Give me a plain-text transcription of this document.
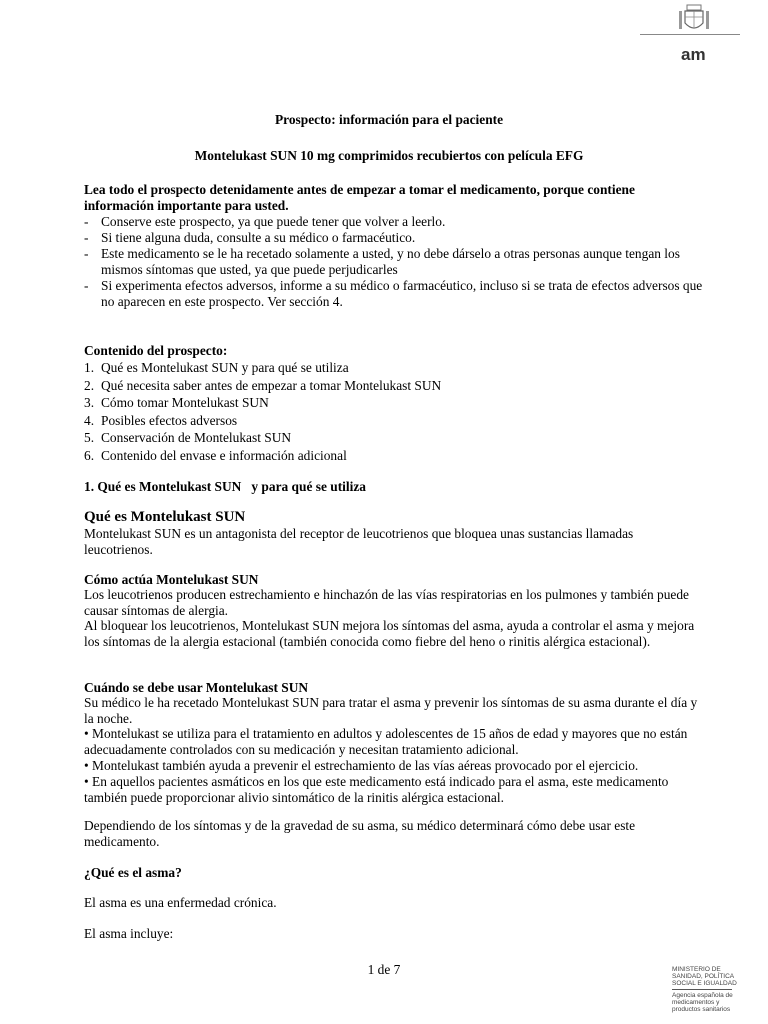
am
Prospecto: información para el paciente
Montelukast SUN 10 mg comprimidos recubiertos con película EFG
Lea todo el prospecto detenidamente antes de empezar a tomar el medicamento, porque contiene información importante para usted.
- Conserve este prospecto, ya que puede tener que volver a leerlo.
- Si tiene alguna duda, consulte a su médico o farmacéutico.
- Este medicamento se le ha recetado solamente a usted, y no debe dárselo a otras personas aunque tengan los mismos síntomas que usted, ya que puede perjudicarles
- Si experimenta efectos adversos, informe a su médico o farmacéutico, incluso si se trata de efectos adversos que no aparecen en este prospecto. Ver sección 4.
Contenido del prospecto:
1. Qué es Montelukast SUN y para qué se utiliza
2. Qué necesita saber antes de empezar a tomar Montelukast SUN
3. Cómo tomar Montelukast SUN
4. Posibles efectos adversos
5. Conservación de Montelukast SUN
6. Contenido del envase e información adicional
1. Qué es Montelukast SUN   y para qué se utiliza
Qué es Montelukast SUN
Montelukast SUN es un antagonista del receptor de leucotrienos que bloquea unas sustancias llamadas leucotrienos.
Cómo actúa Montelukast SUN
Los leucotrienos producen estrechamiento e hinchazón de las vías respiratorias en los pulmones y también puede causar síntomas de alergia.
Al bloquear los leucotrienos, Montelukast SUN mejora los síntomas del asma, ayuda a controlar el asma y mejora los síntomas de la alergia estacional (también conocida como fiebre del heno o rinitis alérgica estacional).
Cuándo se debe usar Montelukast SUN
Su médico le ha recetado Montelukast SUN para tratar el asma y prevenir los síntomas de su asma durante el día y la noche.
• Montelukast se utiliza para el tratamiento en adultos y adolescentes de 15 años de edad y mayores que no están adecuadamente controlados con su medicación y necesitan tratamiento adicional.
• Montelukast también ayuda a prevenir el estrechamiento de las vías aéreas provocado por el ejercicio.
• En aquellos pacientes asmáticos en los que este medicamento está indicado para el asma, este medicamento también puede proporcionar alivio sintomático de la rinitis alérgica estacional.
Dependiendo de los síntomas y de la gravedad de su asma, su médico determinará cómo debe usar este medicamento.
¿Qué es el asma?
El asma es una enfermedad crónica.
El asma incluye:
1 de 7	MINISTERIO DE
SANIDAD, POLÍTICA
SOCIAL E IGUALDAD
Agencia española de
medicamentos y
productos sanitarios
